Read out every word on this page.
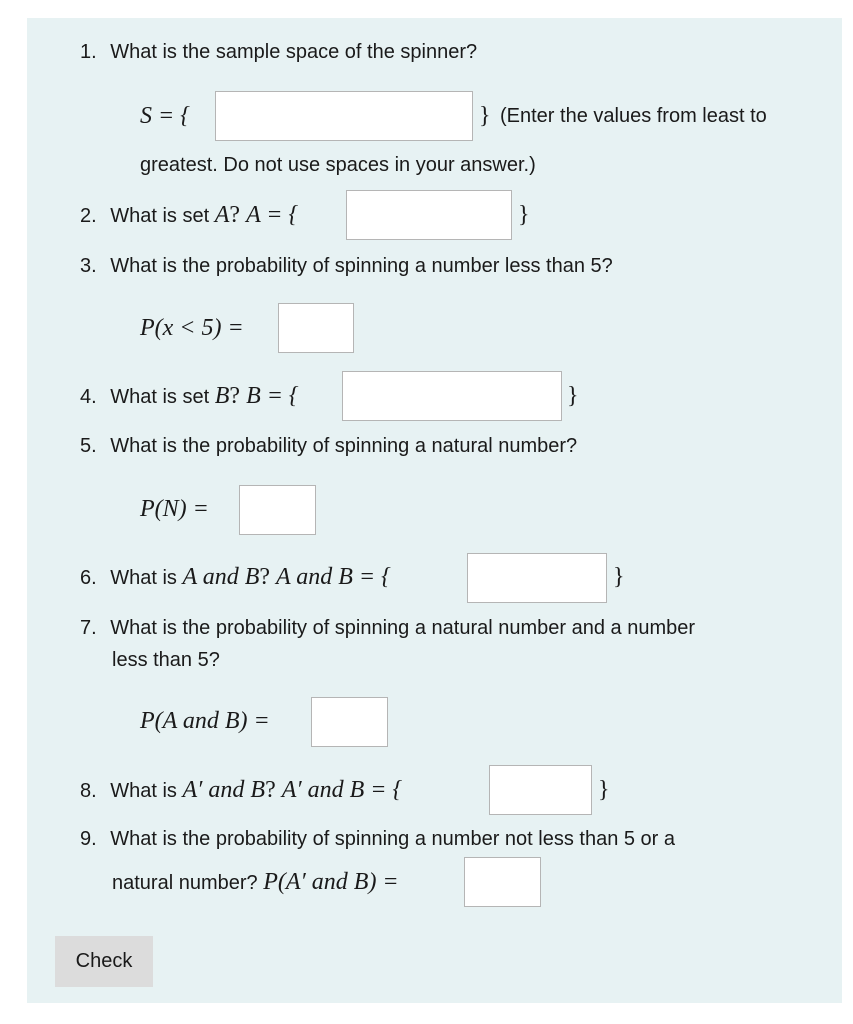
1. What is the sample space of the spinner?
S = {	} (Enter the values from least to
greatest. Do not use spaces in your answer.)
2. What is set A? A = {	}
3. What is the probability of spinning a number less than 5?
P(x < 5) =
4. What is set B? B = {	}
5. What is the probability of spinning a natural number?
P(N) =
6. What is A and B? A and B = {	}
7. What is the probability of spinning a natural number and a number
less than 5?
P(A and B) =
8. What is A′ and B? A′ and B = {	}
9. What is the probability of spinning a number not less than 5 or a
natural number? P(A′ and B) =
Check
